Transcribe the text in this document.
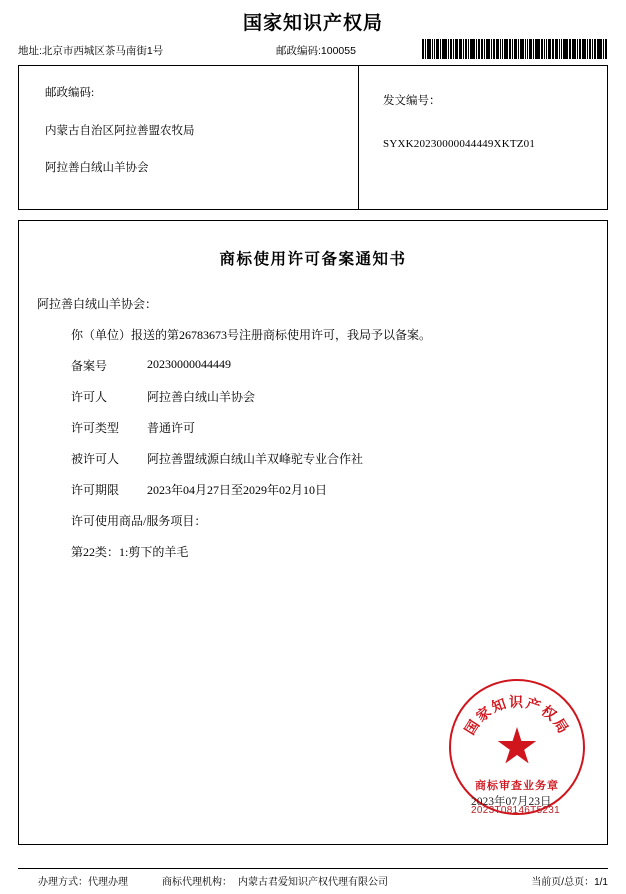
国家知识产权局
地址:北京市西城区茶马南街1号	邮政编码:100055
邮政编码:
内蒙古自治区阿拉善盟农牧局
阿拉善白绒山羊协会
发文编号：
SYXK20230000044449XKTZ01
商标使用许可备案通知书
阿拉善白绒山羊协会：
你（单位）报送的第26783673号注册商标使用许可，我局予以备案。
备案号	20230000044449
许可人	阿拉善白绒山羊协会
许可类型	普通许可
被许可人	阿拉善盟绒源白绒山羊双峰驼专业合作社
许可期限	2023年04月27日至2029年02月10日
许可使用商品/服务项目：
第22类：1:剪下的羊毛
国家知识产权局
商标审查业务章
2023年07月23日
2023T08146T5231
办理方式： 代理办理	商标代理机构： 内蒙古君爱知识产权代理有限公司	当前页/总页：1/1
